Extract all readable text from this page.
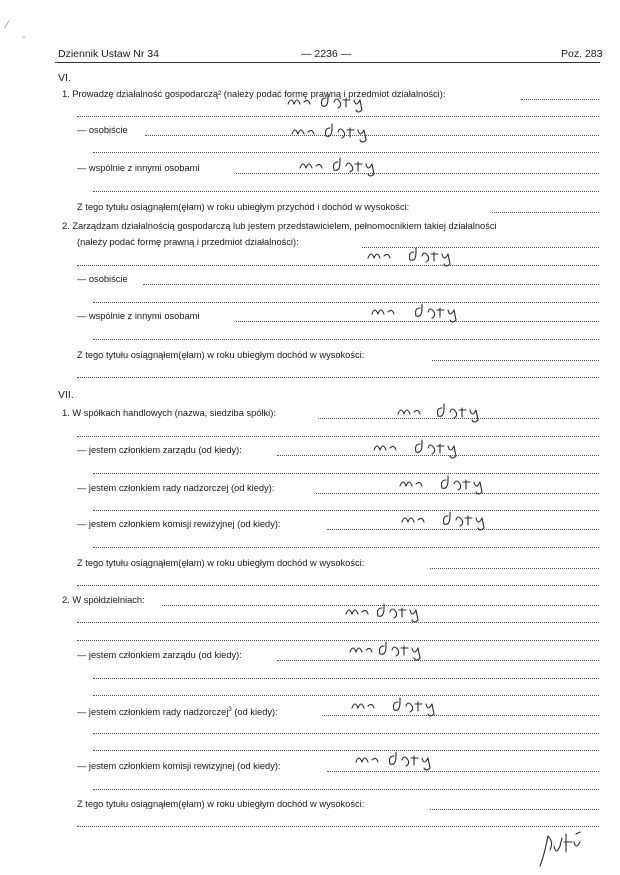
Dziennik Ustaw Nr 34	— 2236 —	Poz. 283
VI.
1. Prowadzę działalność gospodarczą² (należy podać formę prawną i przedmiot działalności):
— osobiście
— wspólnie z innymi osobami
Z tego tytułu osiągnąłem(ęłam) w roku ubiegłym przychód i dochód w wysokości:
2. Zarządzam działalnością gospodarczą lub jestem przedstawicielem, pełnomocnikiem takiej działalności
(należy podać formę prawną i przedmiot działalności):
— osobiście
— wspólnie z innymi osobami
Z tego tytułu osiągnąłem(ęłam) w roku ubiegłym dochód w wysokości:
VII.
1. W spółkach handlowych (nazwa, siedziba spółki):
— jestem członkiem zarządu (od kiedy):
— jestem członkiem rady nadzorczej (od kiedy):
— jestem członkiem komisji rewizyjnej (od kiedy):
Z tego tytułu osiągnąłem(ęłam) w roku ubiegłym dochód w wysokości:
2. W spółdzielniach:
— jestem członkiem zarządu (od kiedy):
— jestem członkiem rady nadzorczej$^3$ (od kiedy):
— jestem członkiem komisji rewizyjnej (od kiedy):
Z tego tytułu osiągnąłem(ęłam) w roku ubiegłym dochód w wysokości:
⁄
-
